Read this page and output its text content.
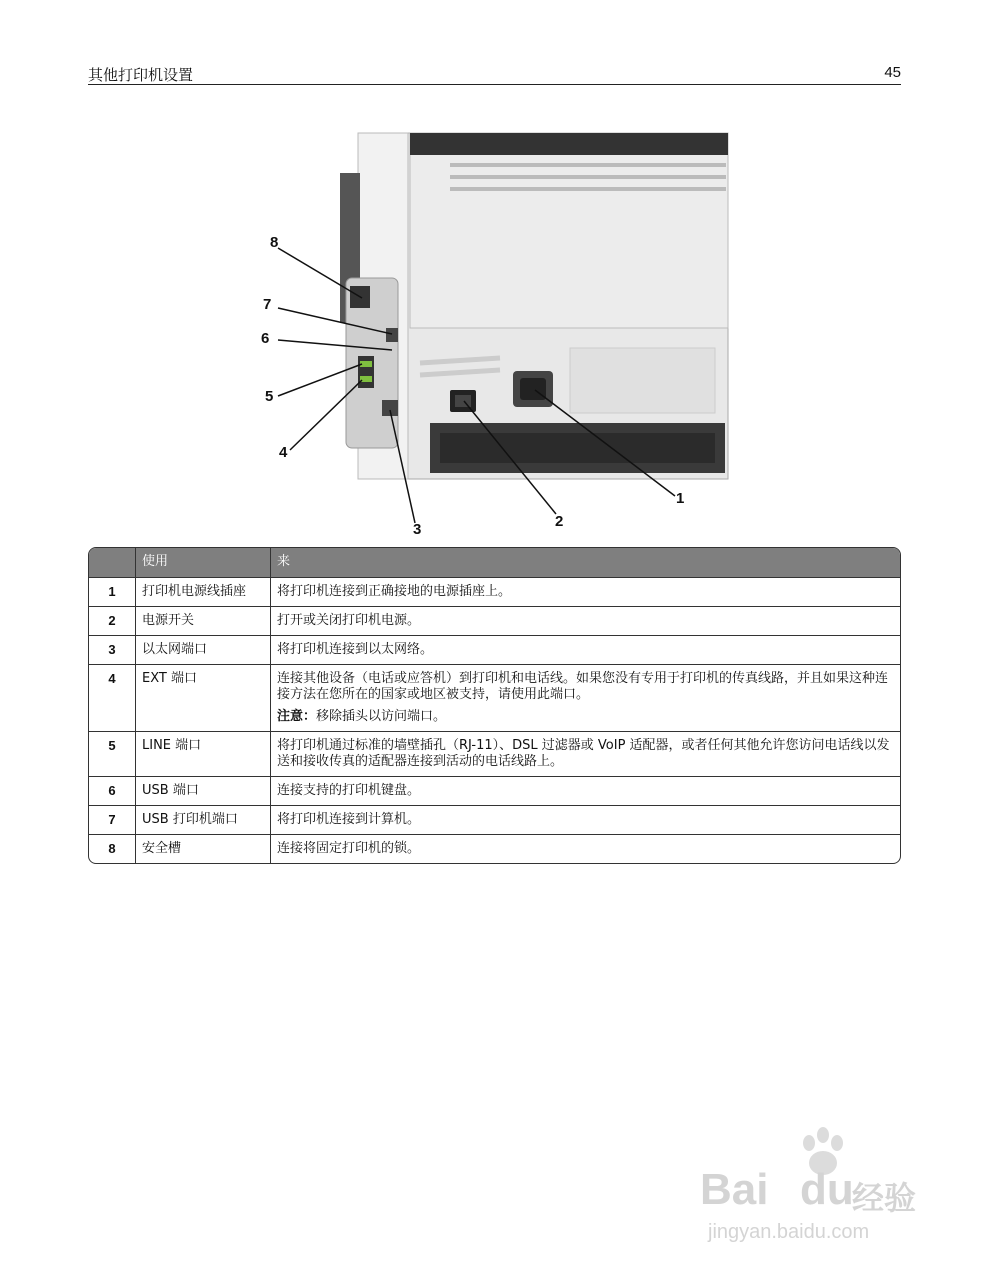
其他打印机设置	45
8
7
6
5
4
3	2
1
	使用	来
1	打印机电源线插座	将打印机连接到正确接地的电源插座上。
2	电源开关	打开或关闭打印机电源。
3	以太网端口	将打印机连接到以太网络。
4	EXT 端口	连接其他设备（电话或应答机）到打印机和电话线。如果您没有专用于打印机的传真线路，并且如果这种连接方法在您所在的国家或地区被支持，请使用此端口。
注意：移除插头以访问端口。

5	LINE 端口	将打印机通过标准的墙壁插孔（RJ-11）、DSL 过滤器或 VoIP 适配器，或者任何其他允许您访问电话线以发送和接收传真的适配器连接到活动的电话线路上。
6	USB 端口	连接支持的打印机键盘。
7	USB 打印机端口	将打印机连接到计算机。
8	安全槽	连接将固定打印机的锁。
Bai du
经验
jingyan.baidu.com
